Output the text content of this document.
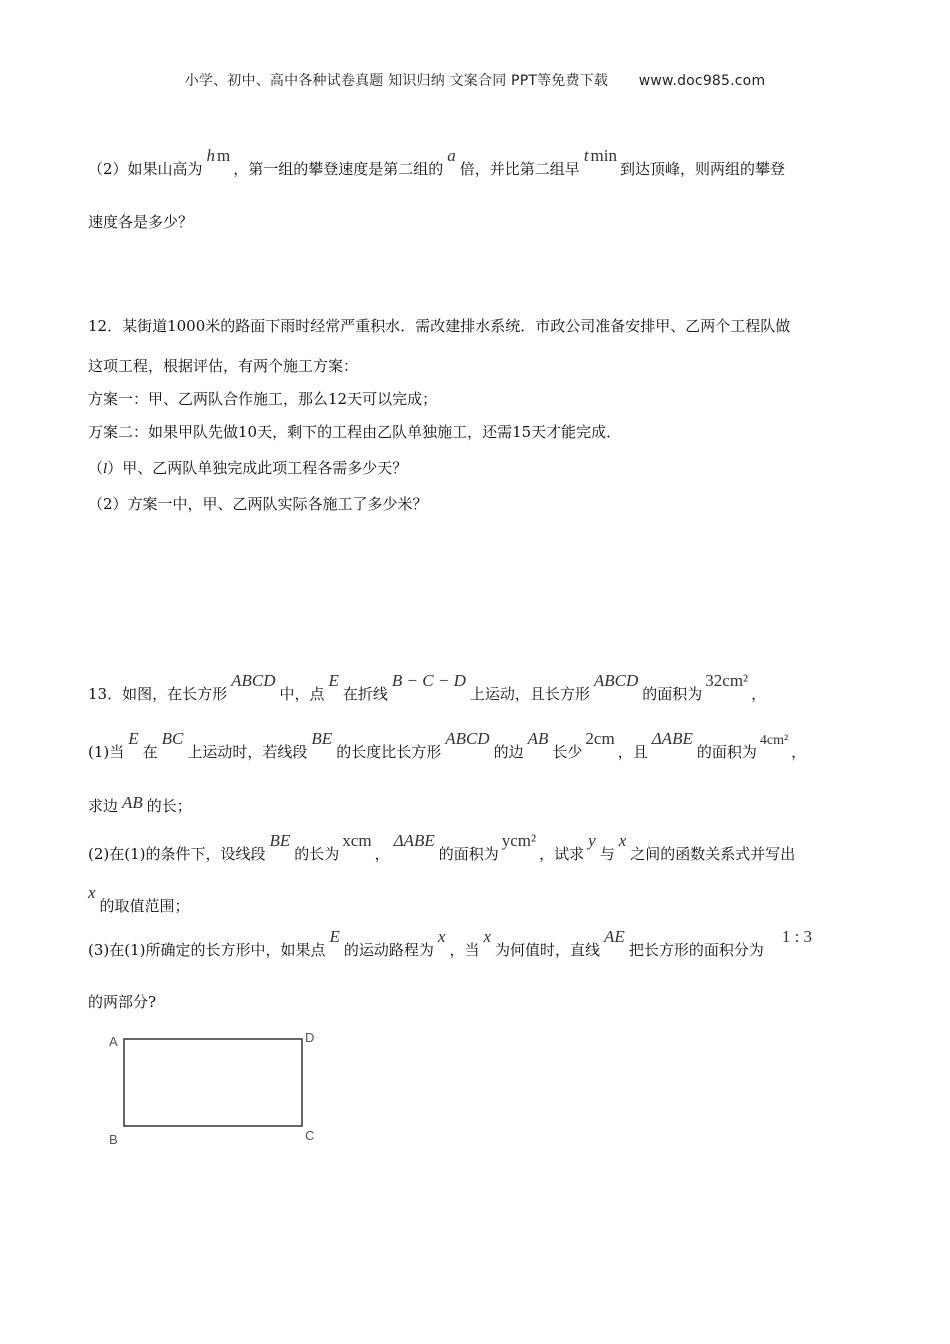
小学、初中、高中各种试卷真题 知识归纳 文案合同 PPT等免费下载 www.doc985.com
（2）如果山高为h m，第一组的攀登速度是第二组的a倍，并比第二组早t min到达顶峰，则两组的攀登
速度各是多少？
12．某街道1000米的路面下雨时经常严重积水．需改建排水系统．市政公司准备安排甲、乙两个工程队做
这项工程，根据评估，有两个施工方案：
方案一：甲、乙两队合作施工，那么12天可以完成；
万案二：如果甲队先做10天，剩下的工程由乙队单独施工，还需15天才能完成．
（l）甲、乙两队单独完成此项工程各需多少天？
（2）方案一中，甲、乙两队实际各施工了多少米？
13．如图，在长方形ABCD中，点E在折线B − C − D上运动，且长方形ABCD的面积为32cm²，
(1)当E在BC上运动时，若线段BE的长度比长方形ABCD的边AB长少2cm，且ΔABE的面积为4cm²，
求边 AB 的长；
(2)在(1)的条件下，设线段BE的长为xcm，ΔABE的面积为ycm²，试求y与x之间的函数关系式并写出
x的取值范围；
(3)在(1)所确定的长方形中，如果点E的运动路程为x，当x为何值时，直线AE把长方形的面积分为1 : 3
的两部分?
A	D
B	C
